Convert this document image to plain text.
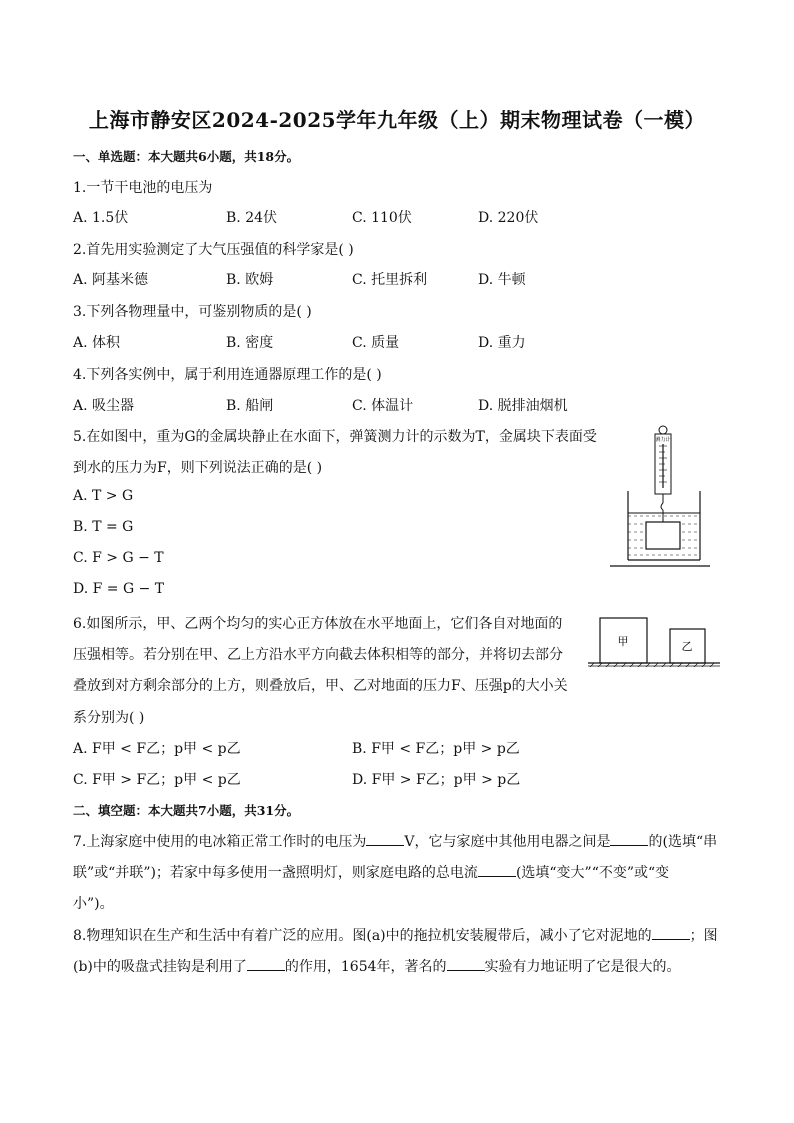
上海市静安区2024-2025学年九年级（上）期末物理试卷（一模）
一、单选题：本大题共6小题，共18分。
1.一节干电池的电压为
A. 1.5伏	B. 24伏	C. 110伏	D. 220伏
2.首先用实验测定了大气压强值的科学家是( )
A. 阿基米德	B. 欧姆	C. 托里拆利	D. 牛顿
3.下列各物理量中，可鉴别物质的是( )
A. 体积	B. 密度	C. 质量	D. 重力
4.下列各实例中，属于利用连通器原理工作的是( )
A. 吸尘器	B. 船闸	C. 体温计	D. 脱排油烟机
5.在如图中，重为G的金属块静止在水面下，弹簧测力计的示数为T，金属块下表面受
到水的压力为F，则下列说法正确的是( )
A. T > G
B. T = G
C. F > G − T
D. F = G − T
测力计
6.如图所示，甲、乙两个均匀的实心正方体放在水平地面上，它们各自对地面的
压强相等。若分别在甲、乙上方沿水平方向截去体积相等的部分，并将切去部分
叠放到对方剩余部分的上方，则叠放后，甲、乙对地面的压力F、压强p的大小关
系分别为( )
A. F甲 < F乙；p甲 < p乙	B. F甲 < F乙；p甲 > p乙
C. F甲 > F乙；p甲 < p乙	D. F甲 > F乙；p甲 > p乙
甲	乙
二、填空题：本大题共7小题，共31分。
7.上海家庭中使用的电冰箱正常工作时的电压为	V，它与家庭中其他用电器之间是	的(选填“串
联”或“并联”)；若家中每多使用一盏照明灯，则家庭电路的总电流	(选填“变大”“不变”或“变
小”)。
8.物理知识在生产和生活中有着广泛的应用。图(a)中的拖拉机安装履带后，减小了它对泥地的	；图
(b)中的吸盘式挂钩是利用了	的作用，1654年，著名的	实验有力地证明了它是很大的。
